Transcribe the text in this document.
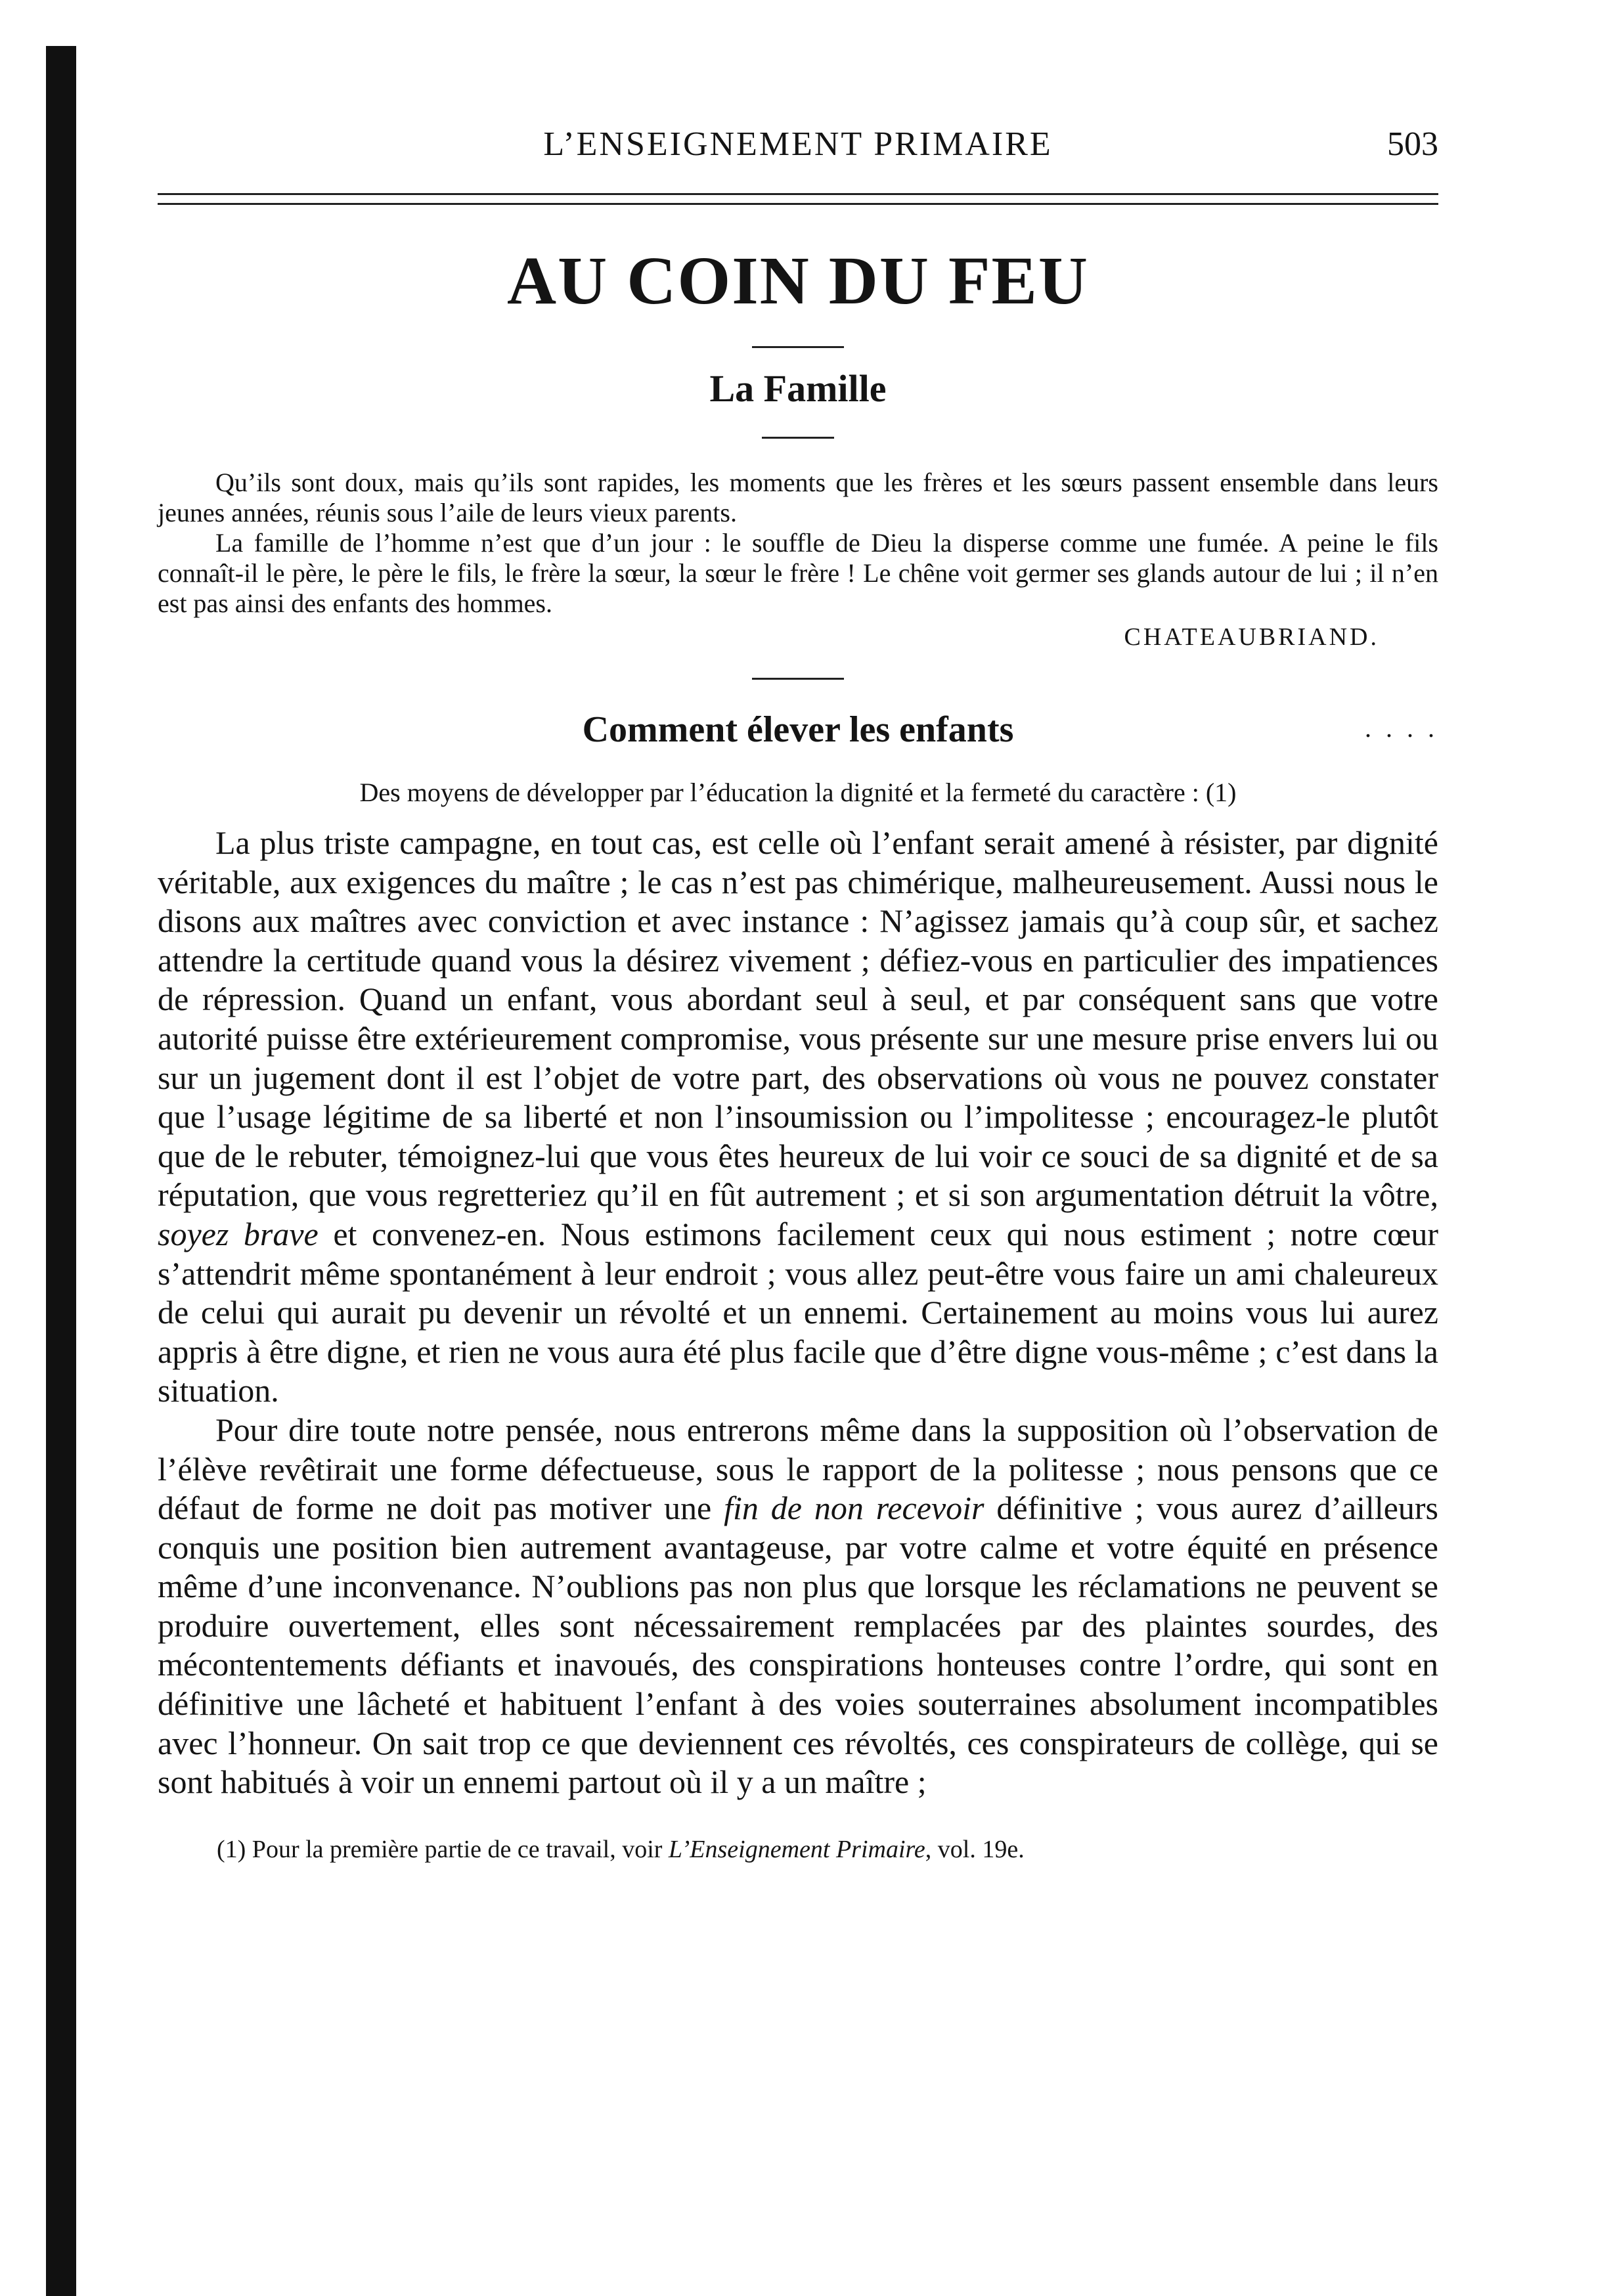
L’ENSEIGNEMENT PRIMAIRE	503
AU COIN DU FEU
La Famille

Qu’ils sont doux, mais qu’ils sont rapides, les moments que les frères et les sœurs passent ensemble dans leurs jeunes années, réunis sous l’aile de leurs vieux parents.

La famille de l’homme n’est que d’un jour : le souffle de Dieu la disperse comme une fumée. A peine le fils connaît-il le père, le père le fils, le frère la sœur, la sœur le frère ! Le chêne voit germer ses glands autour de lui ; il n’en est pas ainsi des enfants des hommes.

CHATEAUBRIAND.
Comment élever les enfants	. . . .
Des moyens de développer par l’éducation la dignité et la fermeté du caractère : (1)

La plus triste campagne, en tout cas, est celle où l’enfant serait amené à résister, par dignité véritable, aux exigences du maître ; le cas n’est pas chimérique, malheureusement. Aussi nous le disons aux maîtres avec conviction et avec instance : N’agissez jamais qu’à coup sûr, et sachez attendre la certitude quand vous la désirez vivement ; défiez-vous en particulier des impatiences de répression. Quand un enfant, vous abordant seul à seul, et par conséquent sans que votre autorité puisse être extérieurement compromise, vous présente sur une mesure prise envers lui ou sur un jugement dont il est l’objet de votre part, des observations où vous ne pouvez constater que l’usage légitime de sa liberté et non l’insoumission ou l’impolitesse ; encouragez-le plutôt que de le rebuter, témoignez-lui que vous êtes heureux de lui voir ce souci de sa dignité et de sa réputation, que vous regretteriez qu’il en fût autrement ; et si son argumentation détruit la vôtre, soyez brave et convenez-en. Nous estimons facilement ceux qui nous estiment ; notre cœur s’attendrit même spontanément à leur endroit ; vous allez peut-être vous faire un ami chaleureux de celui qui aurait pu devenir un révolté et un ennemi. Certainement au moins vous lui aurez appris à être digne, et rien ne vous aura été plus facile que d’être digne vous-même ; c’est dans la situation.

Pour dire toute notre pensée, nous entrerons même dans la supposition où l’observation de l’élève revêtirait une forme défectueuse, sous le rapport de la politesse ; nous pensons que ce défaut de forme ne doit pas motiver une fin de non recevoir définitive ; vous aurez d’ailleurs conquis une position bien autrement avantageuse, par votre calme et votre équité en présence même d’une inconvenance. N’oublions pas non plus que lorsque les réclamations ne peuvent se produire ouvertement, elles sont nécessairement remplacées par des plaintes sourdes, des mécontentements défiants et inavoués, des conspirations honteuses contre l’ordre, qui sont en définitive une lâcheté et habituent l’enfant à des voies souterraines absolument incompatibles avec l’honneur. On sait trop ce que deviennent ces révoltés, ces conspirateurs de collège, qui se sont habitués à voir un ennemi partout où il y a un maître ;

(1) Pour la première partie de ce travail, voir L’Enseignement Primaire, vol. 19e.
